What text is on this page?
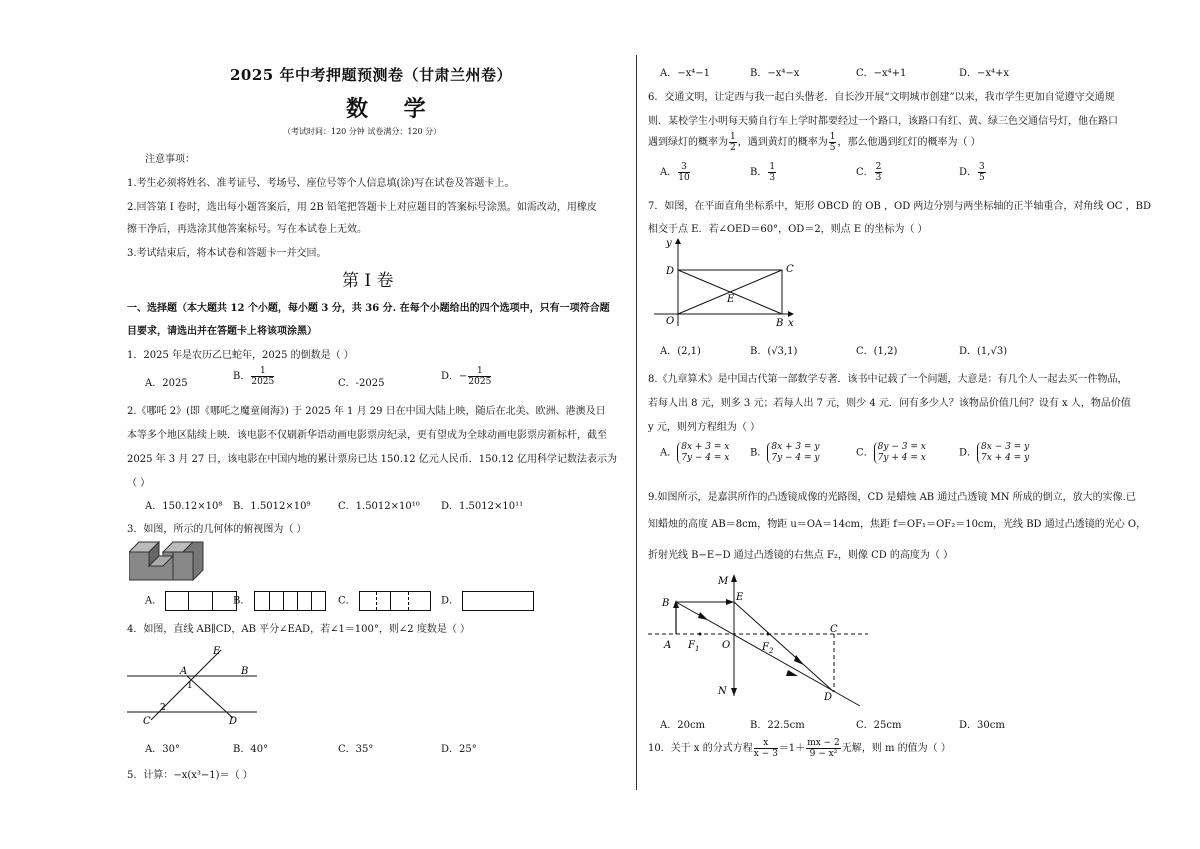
2025 年中考押题预测卷（甘肃兰州卷）
数 学
（考试时间：120 分钟 试卷满分：120 分）
注意事项：
1.考生必须将姓名、准考证号、考场号、座位号等个人信息填(涂)写在试卷及答题卡上。
2.回答第 I 卷时，选出每小题答案后，用 2B 铅笔把答题卡上对应题目的答案标号涂黑。如需改动，用橡皮
擦干净后，再选涂其他答案标号。写在本试卷上无效。
3.考试结束后，将本试卷和答题卡一并交回。
第 I 卷
一、选择题（本大题共 12 个小题，每小题 3 分，共 36 分. 在每个小题给出的四个选项中，只有一项符合题
目要求，请选出并在答题卡上将该项涂黑）
1．2025 年是农历乙巳蛇年，2025 的倒数是（ ）
A．2025
B． $\frac{1}{2025}$	C．-2025
D．− $\frac{1}{2025}$
2.《哪吒 2》(即《哪吒之魔童闹海》) 于 2025 年 1 月 29 日在中国大陆上映，随后在北美、欧洲、港澳及日
本等多个地区陆续上映．该电影不仅刷新华语动画电影票房纪录，更有望成为全球动画电影票房新标杆，截至
2025 年 3 月 27 日，该电影在中国内地的累计票房已达 150.12 亿元人民币．150.12 亿用科学记数法表示为
（ ）
A．150.12×10⁸ B．1.5012×10⁹	C．1.5012×10¹⁰ D．1.5012×10¹¹
3．如图，所示的几何体的俯视图为（ ）
A．	B．	C．	D．
4．如图，直线 AB∥CD，AB 平分∠EAD，若∠1＝100°，则∠2 度数是（ ）
E
A	B
1
2
C	D
A．30°	B．40°	C．35°	D．25°
5．计算：−x(x³−1)＝（ ）
A．−x⁴−1	B．−x⁴−x	C．−x⁴+1	D．−x⁴+x
6．交通文明，让定西与我一起白头偕老．自长沙开展“文明城市创建”以来，我市学生更加自觉遵守交通规
则．某校学生小明每天骑自行车上学时都要经过一个路口，该路口有红、黄、绿三色交通信号灯，他在路口
遇到绿灯的概率为 $\frac{1}{2}$ ，遇到黄灯的概率为 $\frac{1}{5}$ ，那么他遇到红灯的概率为（ ）
A． $\frac{3}{10}$	B． $\frac{1}{3}$	C． $\frac{2}{3}$	D． $\frac{3}{5}$
7．如图，在平面直角坐标系中，矩形 OBCD 的 OB ，OD 两边分别与两坐标轴的正半轴重合，对角线 OC ，BD
相交于点 E．若∠OED＝60°，OD＝2，则点 E 的坐标为（ ）
y
x
D	C
E
O	B
A．(2,1)	B．(√3,1)	C．(1,2)	D．(1,√3)
8.《九章算术》是中国古代第一部数学专著．该书中记载了一个问题，大意是：有几个人一起去买一件物品，
若每人出 8 元，则多 3 元；若每人出 7 元，则少 4 元．问有多少人？该物品价值几何？设有 x 人，物品价值
y 元，则列方程组为（ ）
A．8x + 3 = x
7y − 4 = x B．8x + 3 = y
7y − 4 = y	C．8y − 3 = x
7y + 4 = x	D．8x − 3 = y
7x + 4 = y
9.如图所示，是嘉淇所作的凸透镜成像的光路图，CD 是蜡烛 AB 通过凸透镜 MN 所成的倒立，放大的实像.已
知蜡烛的高度 AB＝8cm，物距 u＝OA＝14cm，焦距 f＝OF₁＝OF₂＝10cm，光线 BD 通过凸透镜的光心 O，
折射光线 B−E−D 通过凸透镜的右焦点 F₂，则像 CD 的高度为（ ）
M
E
B
A $F_1$ O	$F_2$
C
N
D
A．20cm	B．22.5cm	C．25cm	D．30cm
10．关于 x 的分式方程 $\frac{x}{x - 3} =1+ \frac{mx - 2}{\text{9 − x²}}$ 无解，则 m 的值为（ ）
